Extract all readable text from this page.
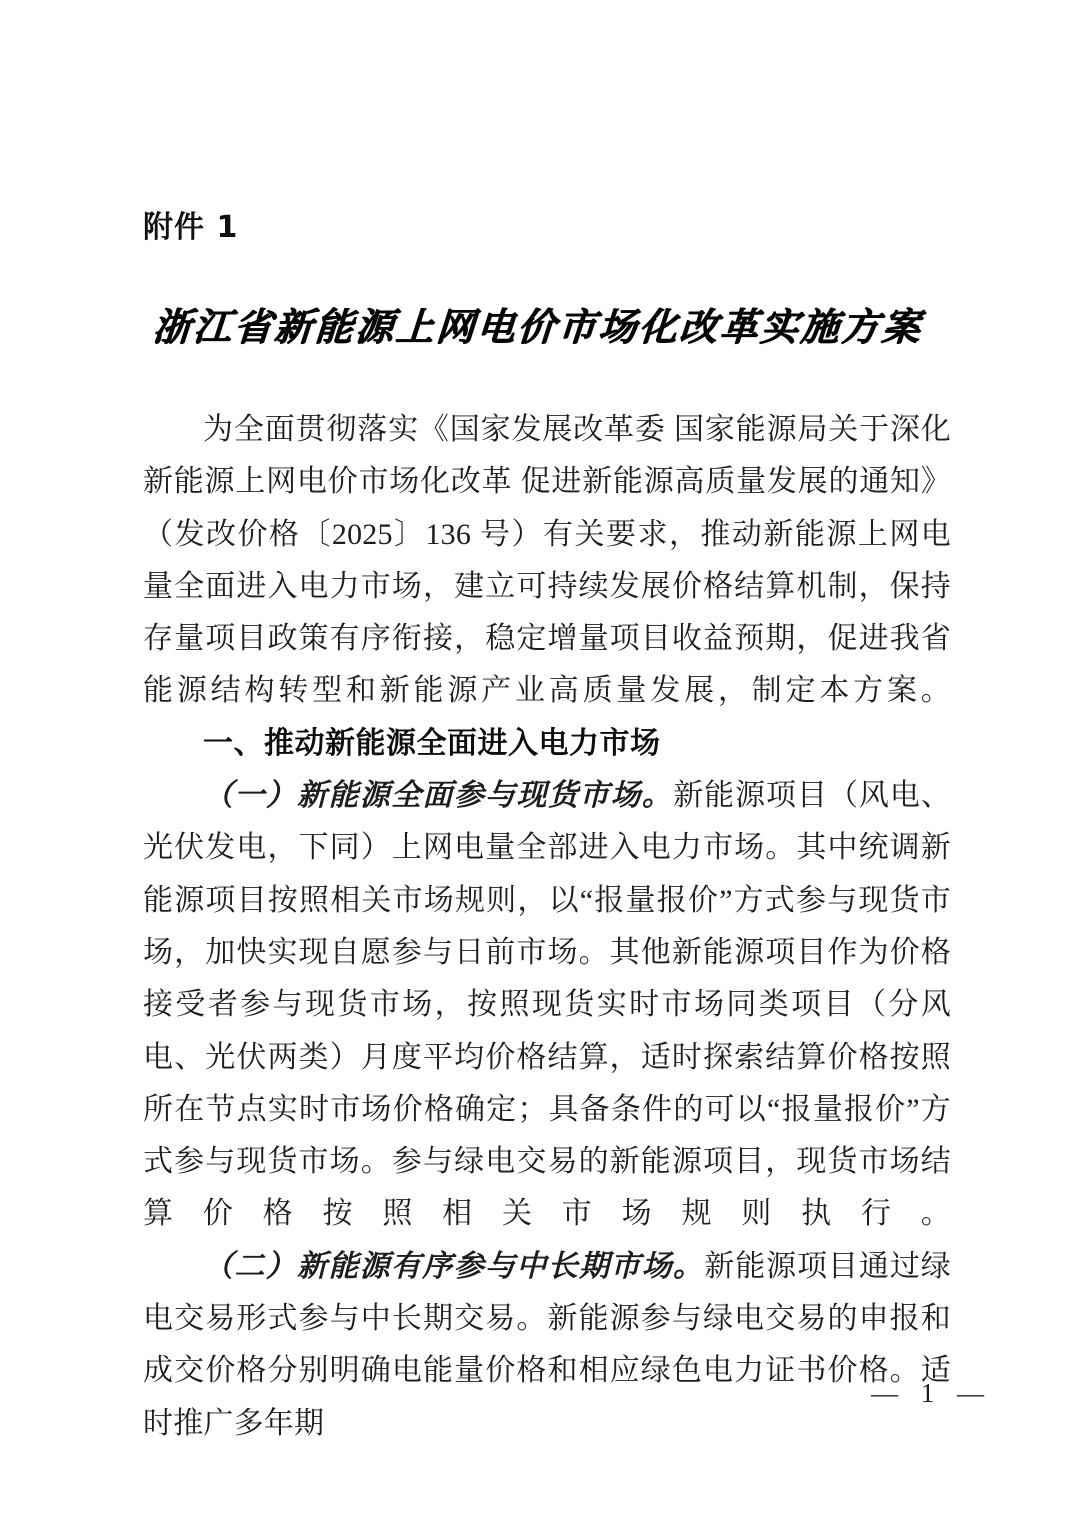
附件 1
浙江省新能源上网电价市场化改革实施方案

为全面贯彻落实《国家发展改革委 国家能源局关于深化新能源上网电价市场化改革 促进新能源高质量发展的通知》（发改价格〔2025〕136 号）有关要求，推动新能源上网电量全面进入电力市场，建立可持续发展价格结算机制，保持存量项目政策有序衔接，稳定增量项目收益预期，促进我省能源结构转型和新能源产业高质量发展，制定本方案。

一、推动新能源全面进入电力市场

（一）新能源全面参与现货市场。新能源项目（风电、光伏发电，下同）上网电量全部进入电力市场。其中统调新能源项目按照相关市场规则，以“报量报价”方式参与现货市场，加快实现自愿参与日前市场。其他新能源项目作为价格接受者参与现货市场，按照现货实时市场同类项目（分风电、光伏两类）月度平均价格结算，适时探索结算价格按照所在节点实时市场价格确定；具备条件的可以“报量报价”方式参与现货市场。参与绿电交易的新能源项目，现货市场结算价格按照相关市场规则执行。

（二）新能源有序参与中长期市场。新能源项目通过绿电交易形式参与中长期交易。新能源参与绿电交易的申报和成交价格分别明确电能量价格和相应绿色电力证书价格。适时推广多年期

— 1 —
